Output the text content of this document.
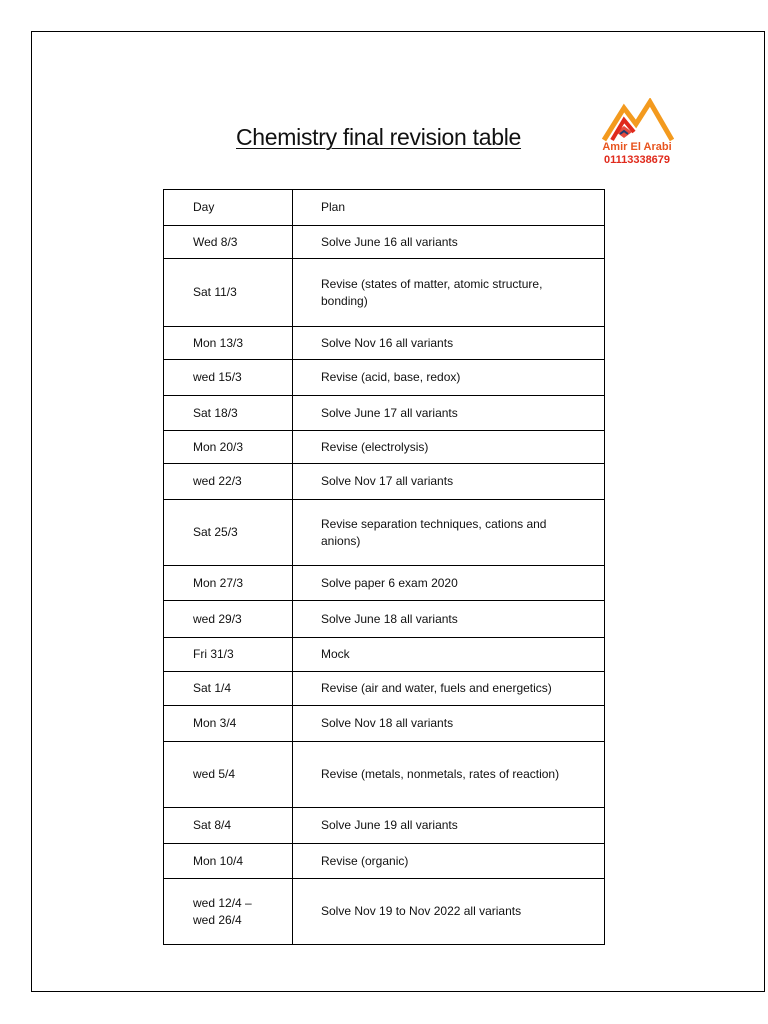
Chemistry final revision table	Amir El Arabi
01113338679
Day	Plan
Wed 8/3	Solve June 16 all variants
Sat 11/3	Revise (states of matter, atomic structure, bonding)
Mon 13/3	Solve Nov 16 all variants
wed 15/3	Revise (acid, base, redox)
Sat 18/3	Solve June 17 all variants
Mon 20/3	Revise (electrolysis)
wed 22/3	Solve Nov 17 all variants
Sat 25/3	Revise separation techniques, cations and anions)
Mon 27/3	Solve paper 6 exam 2020
wed 29/3	Solve June 18 all variants
Fri 31/3	Mock
Sat 1/4	Revise (air and water, fuels and energetics)
Mon 3/4	Solve Nov 18 all variants
wed 5/4	Revise (metals, nonmetals, rates of reaction)
Sat 8/4	Solve June 19 all variants
Mon 10/4	Revise (organic)
wed 12/4 – wed 26/4	Solve Nov 19 to Nov 2022 all variants
